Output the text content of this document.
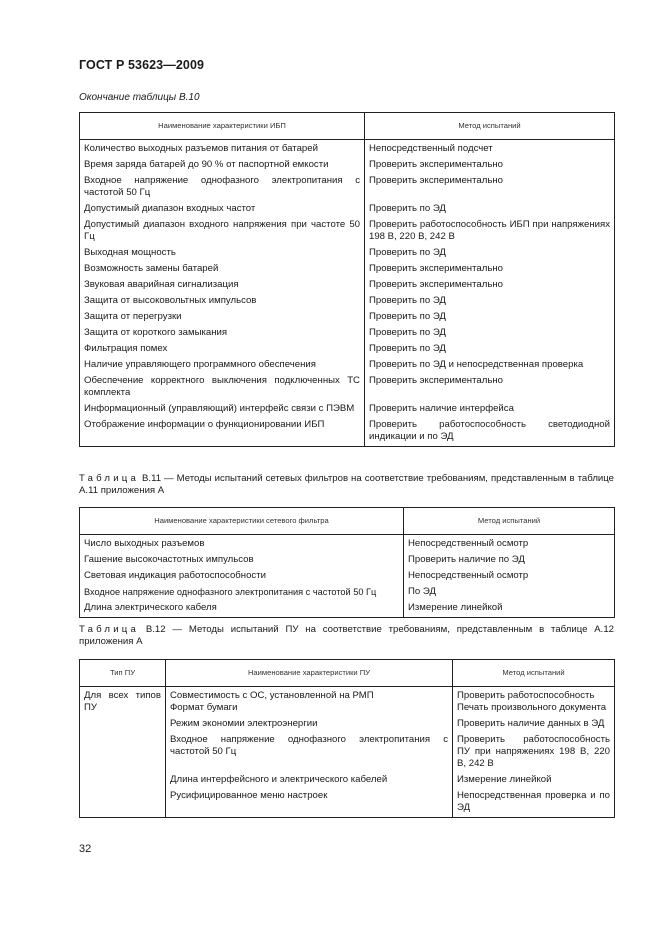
ГОСТ Р 53623—2009
Окончание таблицы В.10
Наименование характеристики ИБП	Метод испытаний
Количество выходных разъемов питания от батарей	Непосредственный подсчет
Время заряда батарей до 90 % от паспортной емкости	Проверить экспериментально
Входное напряжение однофазного электропитания с частотой 50 Гц	Проверить экспериментально
Допустимый диапазон входных частот	Проверить по ЭД
Допустимый диапазон входного напряжения при частоте 50 Гц	Проверить работоспособность ИБП при напряжениях 198 В, 220 В, 242 В
Выходная мощность	Проверить по ЭД
Возможность замены батарей	Проверить экспериментально
Звуковая аварийная сигнализация	Проверить экспериментально
Защита от высоковольтных импульсов	Проверить по ЭД
Защита от перегрузки	Проверить по ЭД
Защита от короткого замыкания	Проверить по ЭД
Фильтрация помех	Проверить по ЭД
Наличие управляющего программного обеспечения	Проверить по ЭД и непосредственная проверка
Обеспечение корректного выключения подключенных ТС комплекта	Проверить экспериментально
Информационный (управляющий) интерфейс связи с ПЭВМ	Проверить наличие интерфейса
Отображение информации о функционировании ИБП	Проверить работоспособность светодиодной индикации и по ЭД
Таблица В.11 — Методы испытаний сетевых фильтров на соответствие требованиям, представленным в таблице А.11 приложения А
Наименование характеристики сетевого фильтра	Метод испытаний
Число выходных разъемов	Непосредственный осмотр
Гашение высокочастотных импульсов	Проверить наличие по ЭД
Световая индикация работоспособности	Непосредственный осмотр
Входное напряжение однофазного электропитания с частотой 50 Гц	По ЭД
Длина электрического кабеля	Измерение линейкой
Таблица В.12 — Методы испытаний ПУ на соответствие требованиям, представленным в таблице А.12 приложения А
Тип ПУ	Наименование характеристики ПУ	Метод испытаний
Для всех типов ПУ	Совместимость с ОС, установленной на РМП	Проверить работоспособность
	Формат бумаги	Печать произвольного документа
	Режим экономии электроэнергии	Проверить наличие данных в ЭД
	Входное напряжение однофазного электропитания с частотой 50 Гц	Проверить работоспособность ПУ при напряжениях 198 В, 220 В, 242 В
	Длина интерфейсного и электрического кабелей	Измерение линейкой
	Русифицированное меню настроек	Непосредственная проверка и по ЭД
32
